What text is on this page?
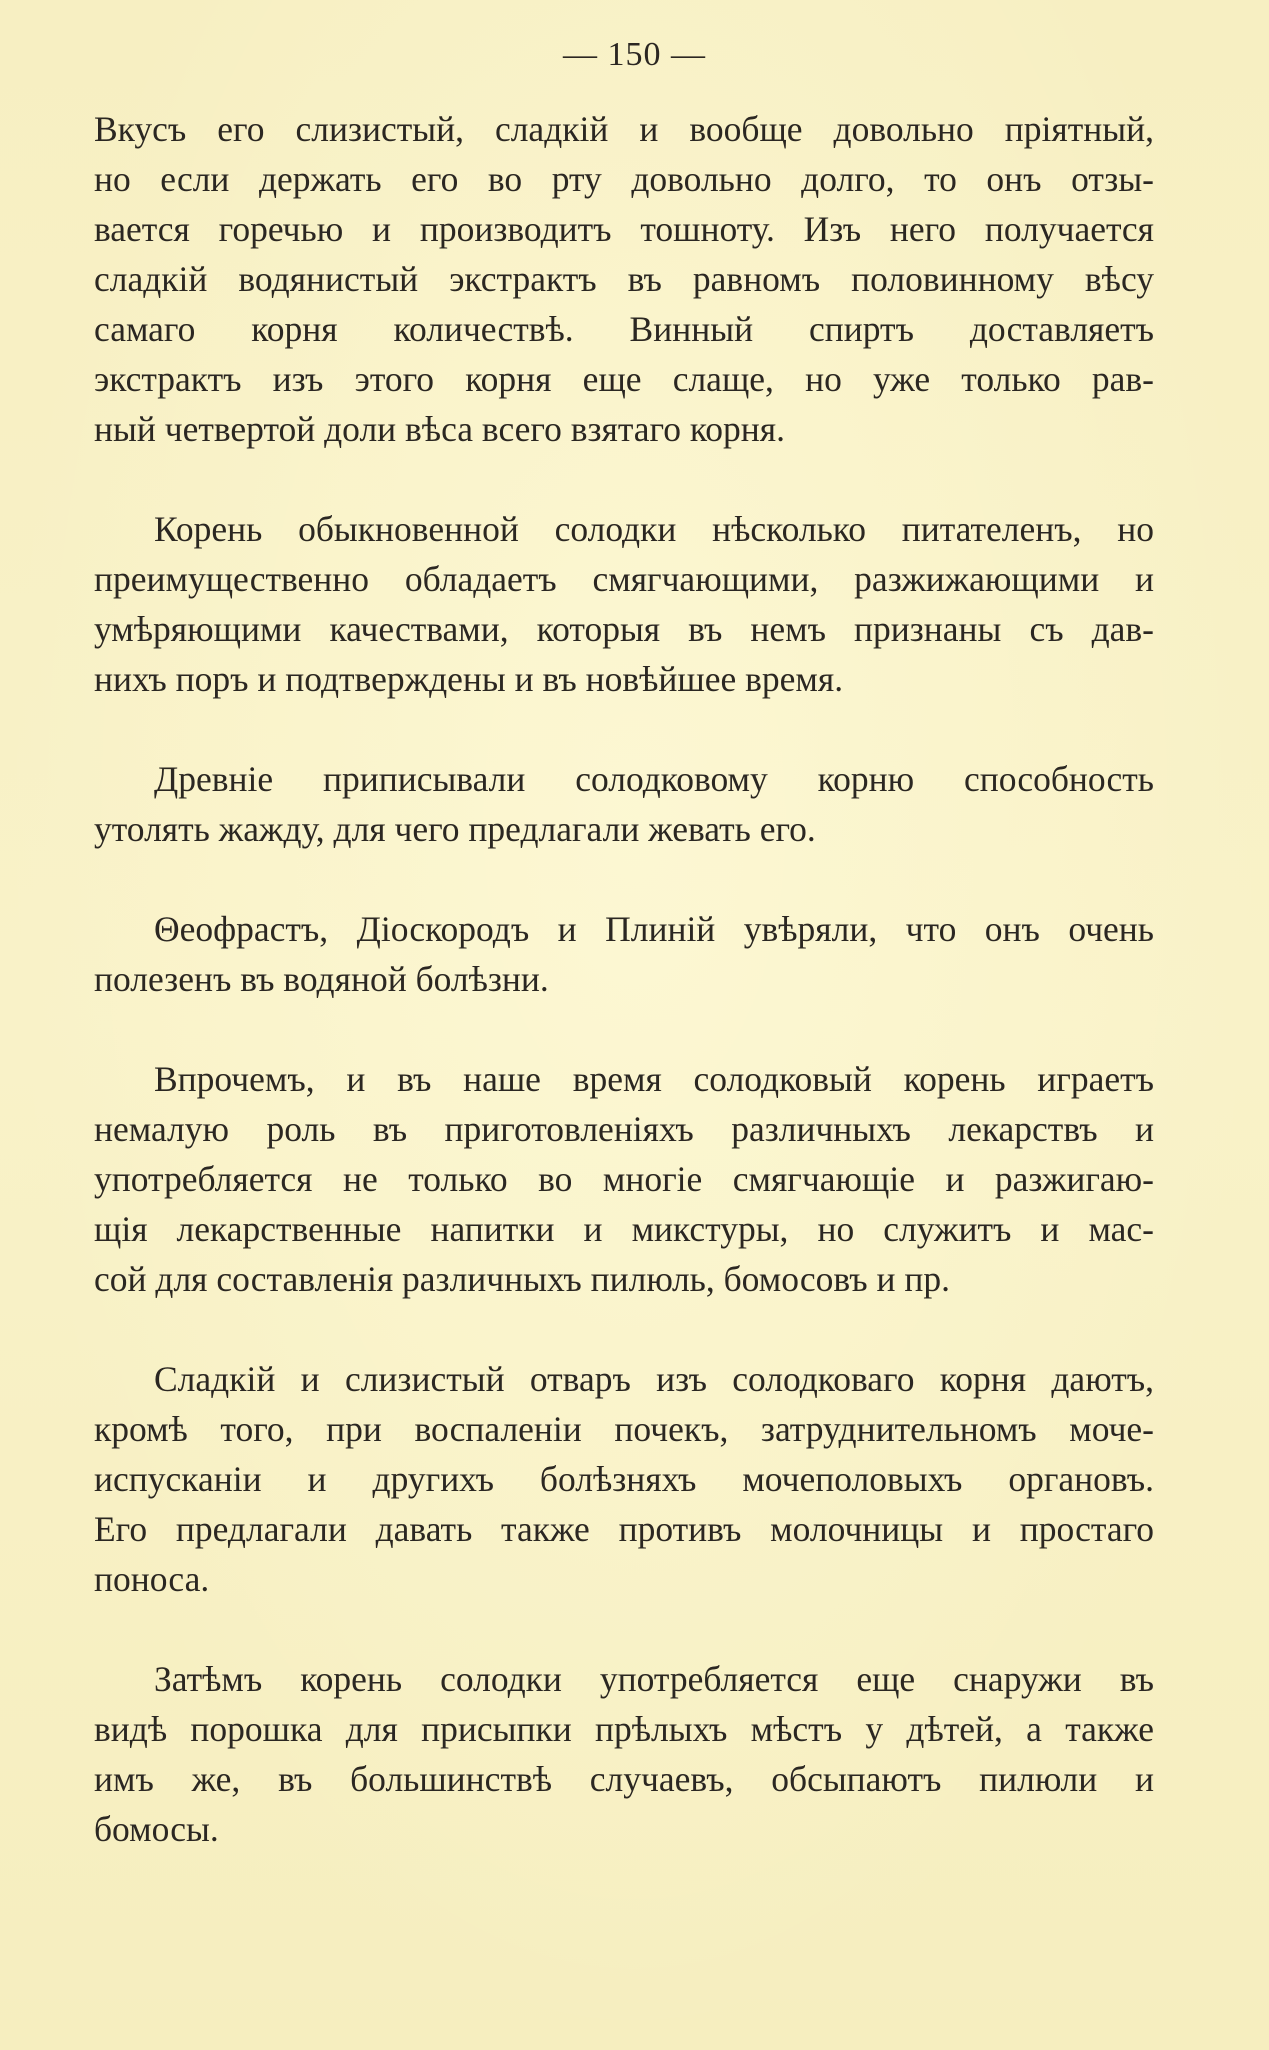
— 150 —
Вкусъ его слизистый, сладкій и вообще довольно пріятный,
но если держать его во рту довольно долго, то онъ отзы-
вается горечью и производитъ тошноту. Изъ него получается
сладкій водянистый экстрактъ въ равномъ половинному вѣсу
самаго корня количествѣ. Винный спиртъ доставляетъ
экстрактъ изъ этого корня еще слаще, но уже только рав-
ный четвертой доли вѣса всего взятаго корня.
Корень обыкновенной солодки нѣсколько питателенъ, но
преимущественно обладаетъ смягчающими, разжижающими и
умѣряющими качествами, которыя въ немъ признаны съ дав-
нихъ поръ и подтверждены и въ новѣйшее время.
Древніе приписывали солодковому корню способность
утолять жажду, для чего предлагали жевать его.
Θеофрастъ, Діоскородъ и Плиній увѣряли, что онъ очень
полезенъ въ водяной болѣзни.
Впрочемъ, и въ наше время солодковый корень играетъ
немалую роль въ приготовленіяхъ различныхъ лекарствъ и
употребляется не только во многіе смягчающіе и разжигаю-
щія лекарственные напитки и микстуры, но служитъ и мас-
сой для составленія различныхъ пилюль, бомосовъ и пр.
Сладкій и слизистый отваръ изъ солодковаго корня даютъ,
кромѣ того, при воспаленіи почекъ, затруднительномъ моче-
испусканіи и другихъ болѣзняхъ мочеполовыхъ органовъ.
Его предлагали давать также противъ молочницы и простаго
поноса.
Затѣмъ корень солодки употребляется еще снаружи въ
видѣ порошка для присыпки прѣлыхъ мѣстъ у дѣтей, а также
имъ же, въ большинствѣ случаевъ, обсыпаютъ пилюли и
бомосы.
